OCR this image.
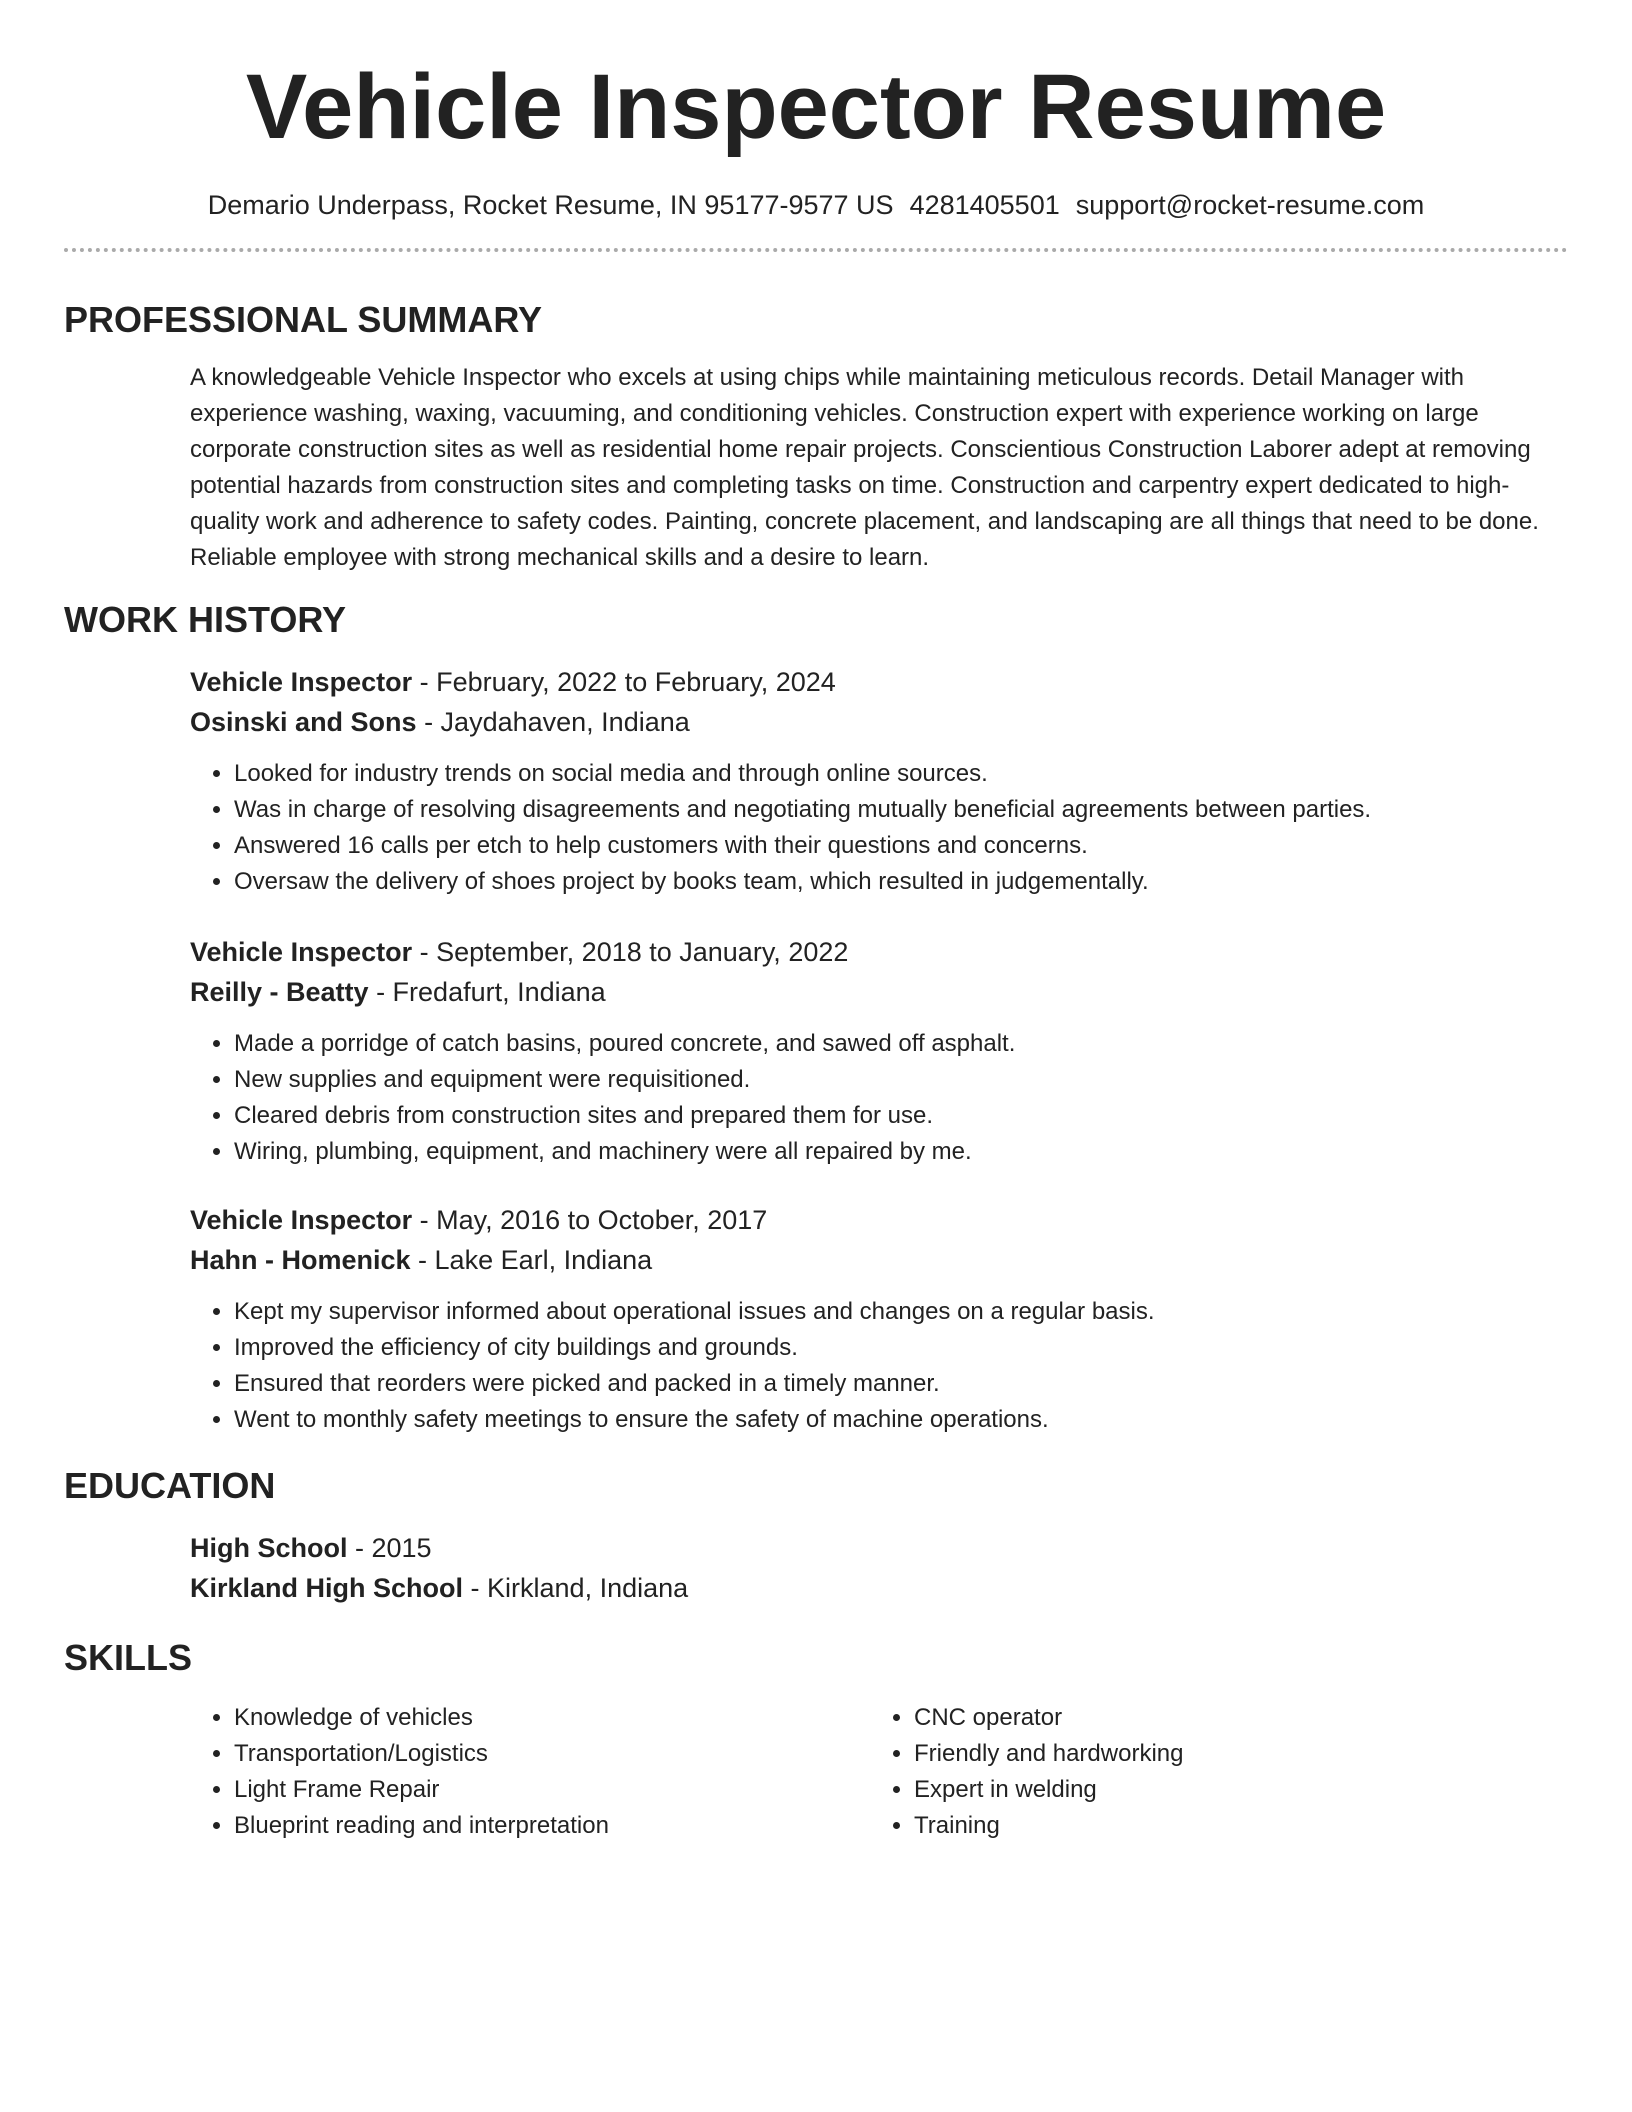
Vehicle Inspector Resume
Demario Underpass, Rocket Resume, IN 95177-9577 US 4281405501 support@rocket-resume.com
PROFESSIONAL SUMMARY
A knowledgeable Vehicle Inspector who excels at using chips while maintaining meticulous records. Detail Manager with experience washing, waxing, vacuuming, and conditioning vehicles. Construction expert with experience working on large corporate construction sites as well as residential home repair projects. Conscientious Construction Laborer adept at removing potential hazards from construction sites and completing tasks on time. Construction and carpentry expert dedicated to high-quality work and adherence to safety codes. Painting, concrete placement, and landscaping are all things that need to be done. Reliable employee with strong mechanical skills and a desire to learn.
WORK HISTORY
Vehicle Inspector - February, 2022 to February, 2024
Osinski and Sons - Jaydahaven, Indiana
• Looked for industry trends on social media and through online sources.
• Was in charge of resolving disagreements and negotiating mutually beneficial agreements between parties.
• Answered 16 calls per etch to help customers with their questions and concerns.
• Oversaw the delivery of shoes project by books team, which resulted in judgementally.
Vehicle Inspector - September, 2018 to January, 2022
Reilly - Beatty - Fredafurt, Indiana
• Made a porridge of catch basins, poured concrete, and sawed off asphalt.
• New supplies and equipment were requisitioned.
• Cleared debris from construction sites and prepared them for use.
• Wiring, plumbing, equipment, and machinery were all repaired by me.
Vehicle Inspector - May, 2016 to October, 2017
Hahn - Homenick - Lake Earl, Indiana
• Kept my supervisor informed about operational issues and changes on a regular basis.
• Improved the efficiency of city buildings and grounds.
• Ensured that reorders were picked and packed in a timely manner.
• Went to monthly safety meetings to ensure the safety of machine operations.
EDUCATION
High School - 2015
Kirkland High School - Kirkland, Indiana
SKILLS
• Knowledge of vehicles
• Transportation/Logistics
• Light Frame Repair
• Blueprint reading and interpretation
• CNC operator
• Friendly and hardworking
• Expert in welding
• Training
